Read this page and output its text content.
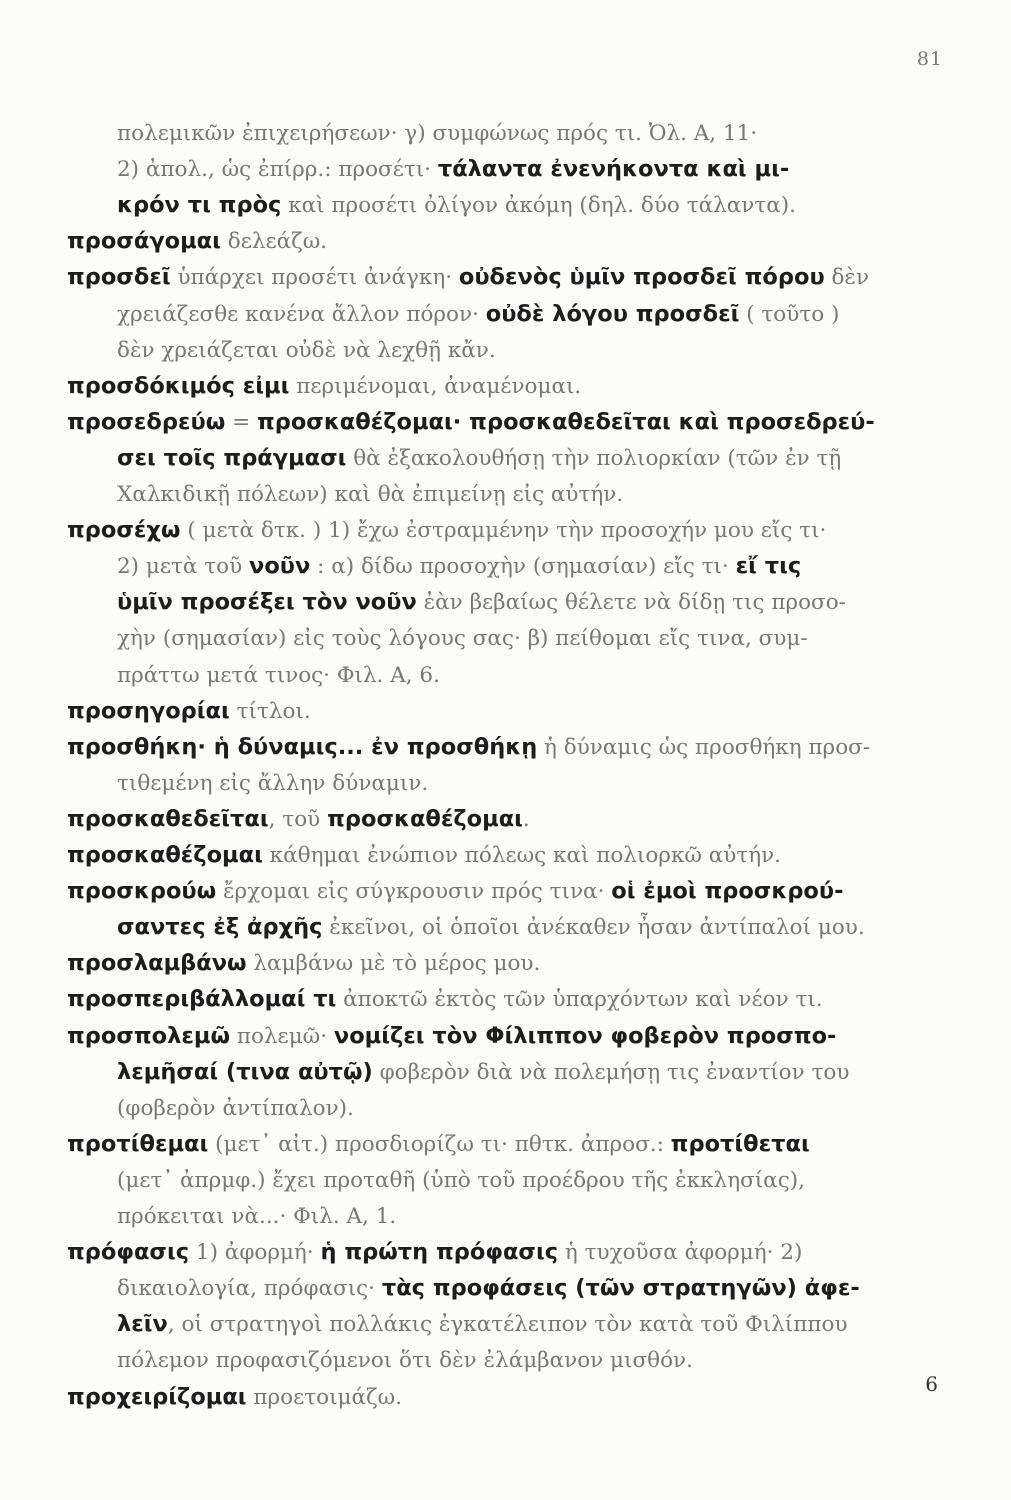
81
πολεμικῶν ἐπιχειρήσεων· γ) συμφώνως πρός τι. Ὀλ. Α, 11·
2) ἀπολ., ὡς ἐπίρρ.: προσέτι· τάλαντα ἐνενήκοντα καὶ μι-
κρόν τι πρὸς καὶ προσέτι ὀλίγον ἀκόμη (δηλ. δύο τάλαντα).
προσάγομαι δελεάζω.
προσδεῖ ὑπάρχει προσέτι ἀνάγκη· οὐδενὸς ὑμῖν προσδεῖ πόρου δὲν
χρειάζεσθε κανένα ἄλλον πόρον· οὐδὲ λόγου προσδεῖ ( τοῦτο )
δὲν χρειάζεται οὐδὲ νὰ λεχθῇ κἄν.
προσδόκιμός εἰμι περιμένομαι, ἀναμένομαι.
προσεδρεύω = προσκαθέζομαι· προσκαθεδεῖται καὶ προσεδρεύ-
σει τοῖς πράγμασι θὰ ἐξακολουθήσῃ τὴν πολιορκίαν (τῶν ἐν τῇ
Χαλκιδικῇ πόλεων) καὶ θὰ ἐπιμείνῃ εἰς αὐτήν.
προσέχω ( μετὰ δτκ. ) 1) ἔχω ἐστραμμένην τὴν προσοχήν μου εἴς τι·
2) μετὰ τοῦ νοῦν : α) δίδω προσοχὴν (σημασίαν) εἴς τι· εἴ τις
ὑμῖν προσέξει τὸν νοῦν ἐὰν βεβαίως θέλετε νὰ δίδῃ τις προσο-
χὴν (σημασίαν) εἰς τοὺς λόγους σας· β) πείθομαι εἴς τινα, συμ-
πράττω μετά τινος· Φιλ. Α, 6.
προσηγορίαι τίτλοι.
προσθήκη· ἡ δύναμις... ἐν προσθήκῃ ἡ δύναμις ὡς προσθήκη προσ-
τιθεμένη εἰς ἄλλην δύναμιν.
προσκαθεδεῖται, τοῦ προσκαθέζομαι.
προσκαθέζομαι κάθημαι ἐνώπιον πόλεως καὶ πολιορκῶ αὐτήν.
προσκρούω ἔρχομαι εἰς σύγκρουσιν πρός τινα· οἱ ἐμοὶ προσκρού-
σαντες ἐξ ἀρχῆς ἐκεῖνοι, οἱ ὁποῖοι ἀνέκαθεν ἦσαν ἀντίπαλοί μου.
προσλαμβάνω λαμβάνω μὲ τὸ μέρος μου.
προσπεριβάλλομαί τι ἀποκτῶ ἐκτὸς τῶν ὑπαρχόντων καὶ νέον τι.
προσπολεμῶ πολεμῶ· νομίζει τὸν Φίλιππον φοβερὸν προσπο-
λεμῆσαί (τινα αὐτῷ) φοβερὸν διὰ νὰ πολεμήσῃ τις ἐναντίον του
(φοβερὸν ἀντίπαλον).
προτίθεμαι (μετ᾽ αἰτ.) προσδιορίζω τι· πθτκ. ἀπροσ.: προτίθεται
(μετ᾽ ἀπρμφ.) ἔχει προταθῆ (ὑπὸ τοῦ προέδρου τῆς ἐκκλησίας),
πρόκειται νὰ...· Φιλ. Α, 1.
πρόφασις 1) ἀφορμή· ἡ πρώτη πρόφασις ἡ τυχοῦσα ἀφορμή· 2)
δικαιολογία, πρόφασις· τὰς προφάσεις (τῶν στρατηγῶν) ἀφε-
λεῖν, οἱ στρατηγοὶ πολλάκις ἐγκατέλειπον τὸν κατὰ τοῦ Φιλίππου
πόλεμον προφασιζόμενοι ὅτι δὲν ἐλάμβανον μισθόν.
προχειρίζομαι προετοιμάζω.
6
